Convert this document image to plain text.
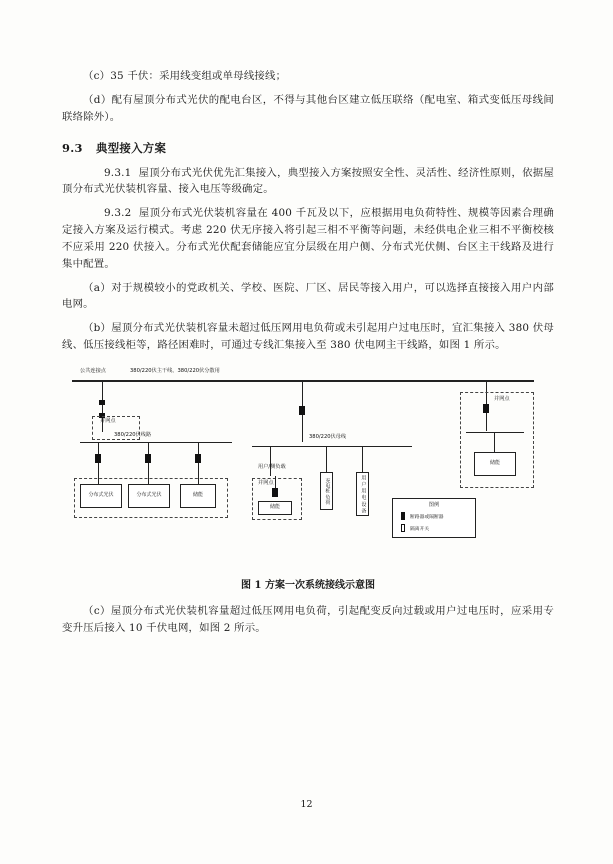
（c）35 千伏：采用线变组或单母线接线；

（d）配有屋顶分布式光伏的配电台区，不得与其他台区建立低压联络（配电室、箱式变低压母线间联络除外）。

9.3 典型接入方案

9.3.1 屋顶分布式光伏优先汇集接入，典型接入方案按照安全性、灵活性、经济性原则，依据屋顶分布式光伏装机容量、接入电压等级确定。

9.3.2 屋顶分布式光伏装机容量在 400 千瓦及以下，应根据用电负荷特性、规模等因素合理确定接入方案及运行模式。考虑 220 伏无序接入将引起三相不平衡等问题，未经供电企业三相不平衡校核不应采用 220 伏接入。分布式光伏配套储能应宜分层级在用户侧、分布式光伏侧、台区主干线路及进行集中配置。

（a）对于规模较小的党政机关、学校、医院、厂区、居民等接入用户，可以选择直接接入用户内部电网。

（b）屋顶分布式光伏装机容量未超过低压网用电负荷或未引起用户过电压时，宜汇集接入 380 伏母线、低压接线柜等，路径困难时，可通过专线汇集接入至 380 伏电网主干线路，如图 1 所示。

公共连接点	380/220伏主干线、380/220伏分散用
380/220伏线路
并网点
分布式光伏	分布式光伏	储能
380/220伏母线
用户/侧负载
并网点
储能
充电桩 负荷	用 户 用 电 设 备
并网点
储能
图例
断路器或隔断器
隔离开关
图 1 方案一次系统接线示意图

（c）屋顶分布式光伏装机容量超过低压网用电负荷，引起配变反向过载或用户过电压时，应采用专变升压后接入 10 千伏电网，如图 2 所示。

12
